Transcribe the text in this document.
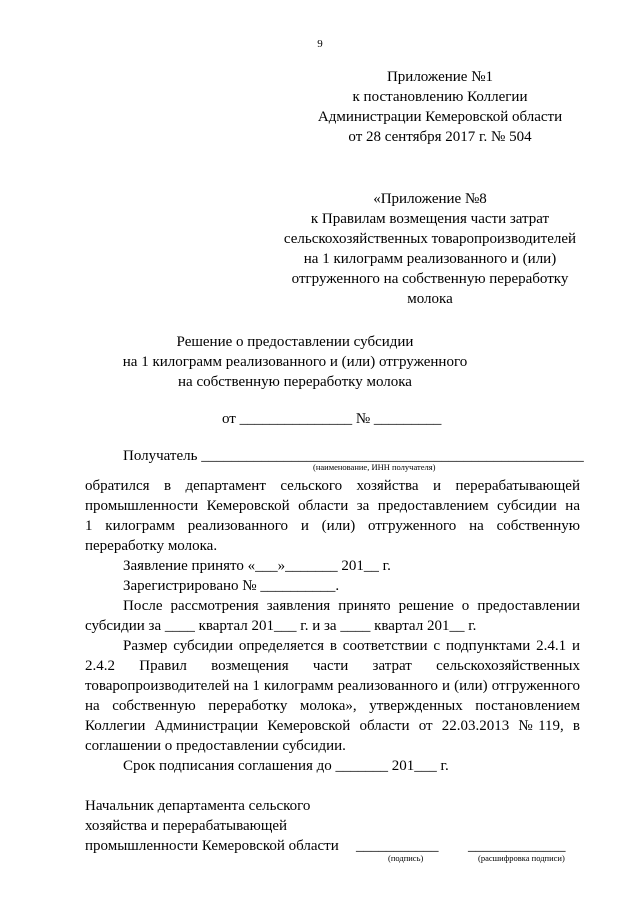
9
Приложение №1
к постановлению Коллегии
Администрации Кемеровской области
от 28 сентября 2017 г. № 504
«Приложение №8
к Правилам возмещения части затрат
сельскохозяйственных товаропроизводителей
на 1 килограмм реализованного и (или)
отгруженного на собственную переработку
молока
Решение о предоставлении субсидии
на 1 килограмм реализованного и (или) отгруженного
на собственную переработку молока
от _______________ № _________
Получатель ___________________________________________________
(наименование, ИНН получателя)
обратился в департамент сельского хозяйства и перерабатывающей
промышленности Кемеровской области за предоставлением субсидии на
1 килограмм реализованного и (или) отгруженного на собственную
переработку молока.
Заявление принято «___»_______ 201__ г.
Зарегистрировано № __________.
После рассмотрения заявления принято решение о предоставлении
субсидии за ____ квартал 201___ г. и за ____ квартал 201__ г.
Размер субсидии определяется в соответствии с подпунктами 2.4.1 и
2.4.2 Правил возмещения части затрат сельскохозяйственных
товаропроизводителей на 1 килограмм реализованного и (или) отгруженного
на собственную переработку молока», утвержденных постановлением
Коллегии Администрации Кемеровской области от 22.03.2013 №119, в
соглашении о предоставлении субсидии.
Срок подписания соглашения до _______ 201___ г.
Начальник департамента сельского
хозяйства и перерабатывающей
промышленности Кемеровской области ___________ _____________
(подпись)	(расшифровка подписи)
